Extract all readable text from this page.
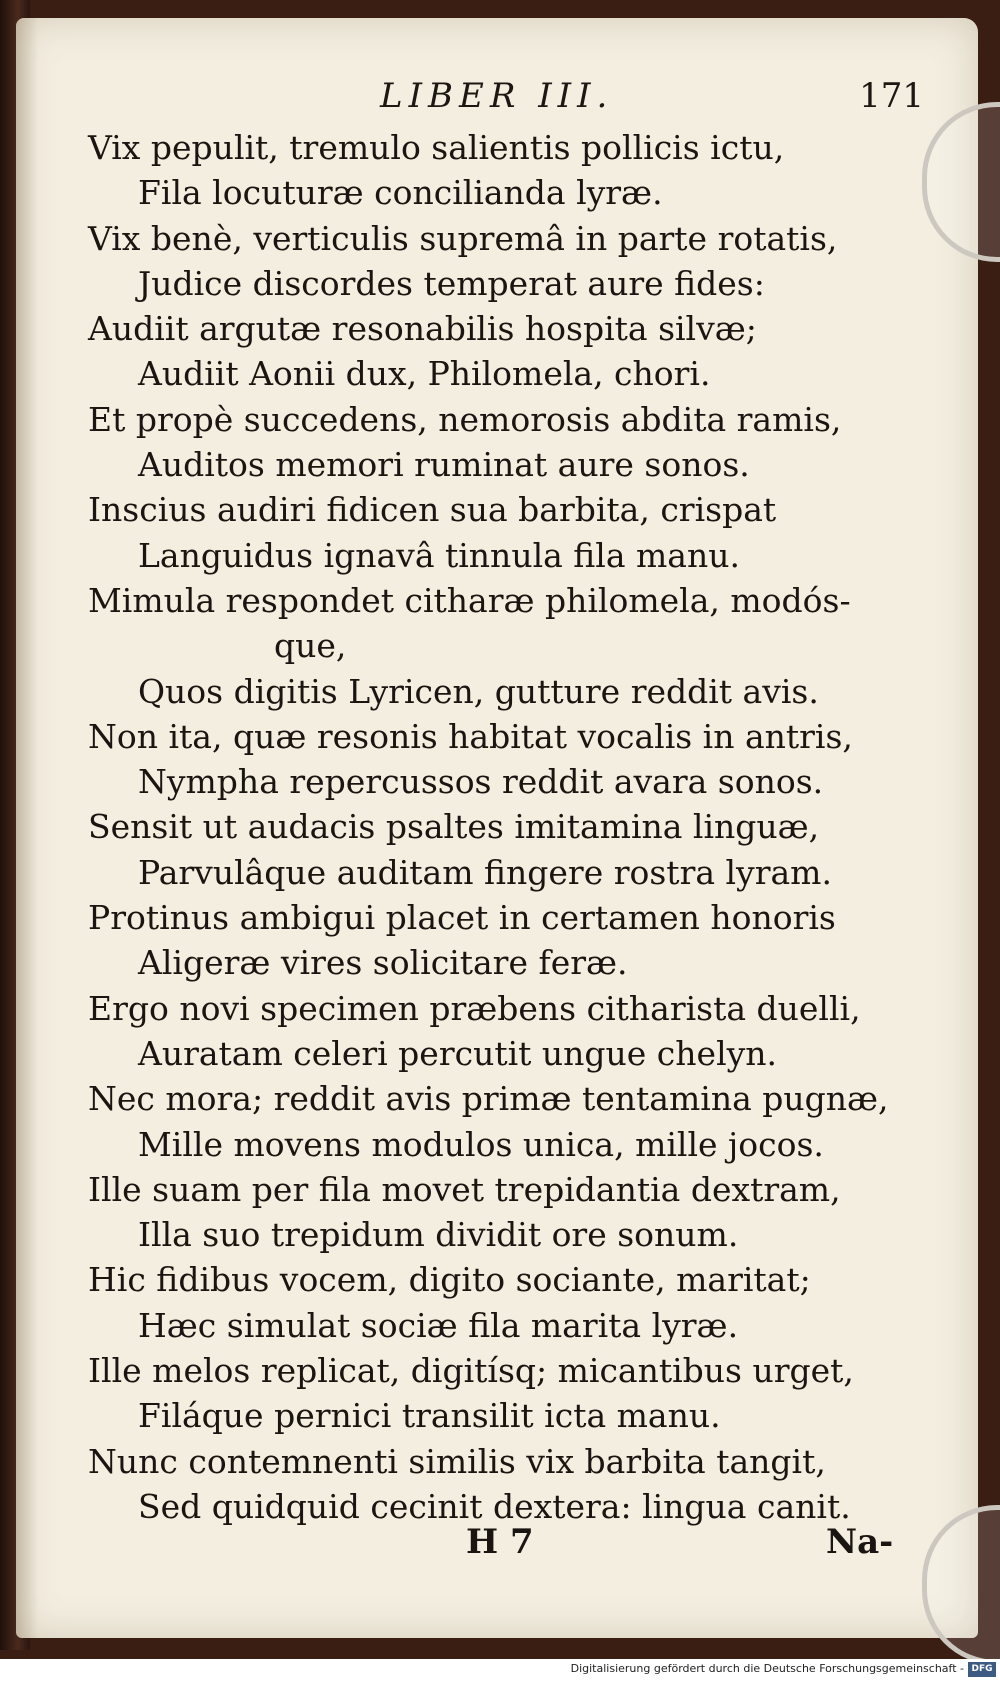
LIBER III.	171
Vix pepulit, tremulo salientis pollicis ictu,
Fila locuturæ concilianda lyræ.
Vix benè, verticulis supremâ in parte rotatis,
Judice discordes temperat aure fides:
Audiit argutæ resonabilis hospita silvæ;
Audiit Aonii dux, Philomela, chori.
Et propè succedens, nemorosis abdita ramis,
Auditos memori ruminat aure sonos.
Inscius audiri fidicen sua barbita, crispat
Languidus ignavâ tinnula fila manu.
Mimula respondet citharæ philomela, modós-
que,
Quos digitis Lyricen, gutture reddit avis.
Non ita, quæ resonis habitat vocalis in antris,
Nympha repercussos reddit avara sonos.
Sensit ut audacis psaltes imitamina linguæ,
Parvulâque auditam fingere rostra lyram.
Protinus ambigui placet in certamen honoris
Aligeræ vires solicitare feræ.
Ergo novi specimen præbens citharista duelli,
Auratam celeri percutit ungue chelyn.
Nec mora; reddit avis primæ tentamina pugnæ,
Mille movens modulos unica, mille jocos.
Ille suam per fila movet trepidantia dextram,
Illa suo trepidum dividit ore sonum.
Hic fidibus vocem, digito sociante, maritat;
Hæc simulat sociæ fila marita lyræ.
Ille melos replicat, digitísq; micantibus urget,
Filáque pernici transilit icta manu.
Nunc contemnenti similis vix barbita tangit,
Sed quidquid cecinit dextera: lingua canit.
H 7	Na-
Digitalisierung gefördert durch die Deutsche Forschungsgemeinschaft - DFG
